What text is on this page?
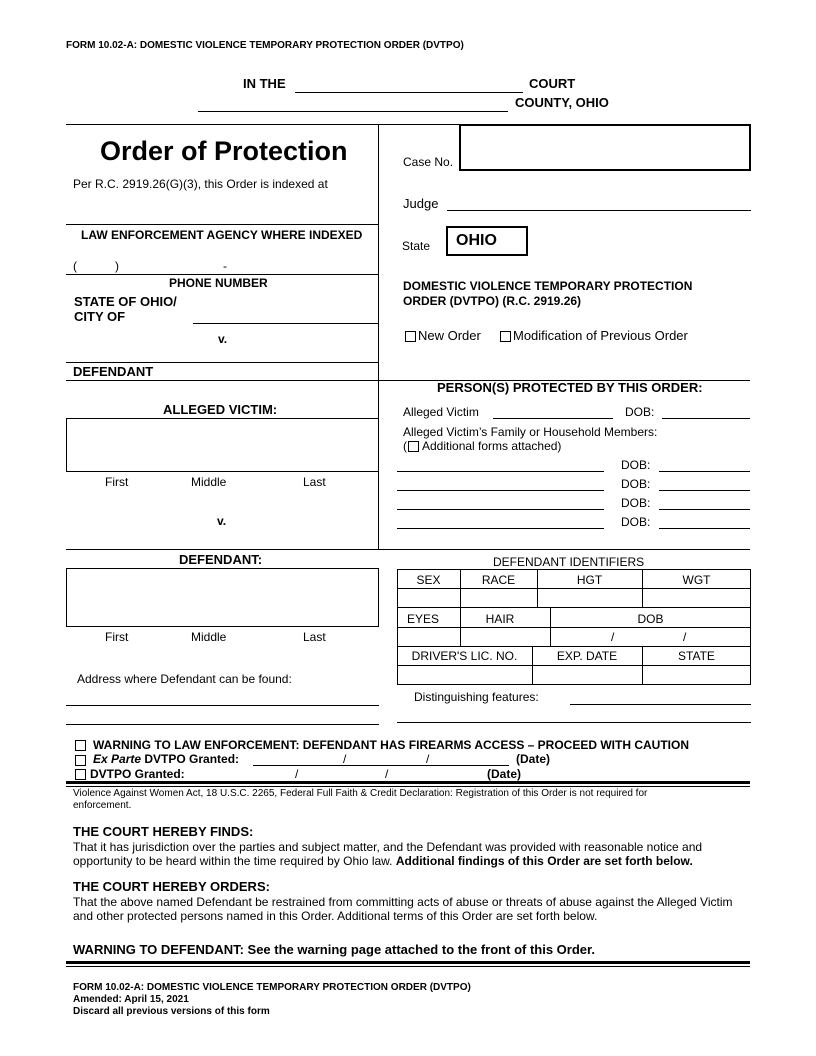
FORM 10.02-A: DOMESTIC VIOLENCE TEMPORARY PROTECTION ORDER (DVTPO)
IN THE	COURT
COUNTY, OHIO
Order of Protection
Per R.C. 2919.26(G)(3), this Order is indexed at
LAW ENFORCEMENT AGENCY WHERE INDEXED
(	)	-
PHONE NUMBER
STATE OF OHIO/
CITY OF
v.
DEFENDANT
ALLEGED VICTIM:
First	Middle	Last
v.
DEFENDANT:
First	Middle	Last
Address where Defendant can be found:
Case No.
Judge
State OHIO
DOMESTIC VIOLENCE TEMPORARY PROTECTION
ORDER (DVTPO) (R.C. 2919.26)
New Order Modification of Previous Order
PERSON(S) PROTECTED BY THIS ORDER:
Alleged Victim	DOB:
Alleged Victim’s Family or Household Members:
( Additional forms attached)
DOB:
DOB:
DOB:
DOB:
DEFENDANT IDENTIFIERS
SEX	RACE	HGT	WGT
EYES	HAIR	DOB
/	/
DRIVER'S LIC. NO.	EXP. DATE	STATE
Distinguishing features:
WARNING TO LAW ENFORCEMENT: DEFENDANT HAS FIREARMS ACCESS – PROCEED WITH CAUTION
Ex Parte DVTPO Granted:	/	/	(Date)
DVTPO Granted:	/	/	(Date)
Violence Against Women Act, 18 U.S.C. 2265, Federal Full Faith & Credit Declaration: Registration of this Order is not required for
enforcement.
THE COURT HEREBY FINDS:
That it has jurisdiction over the parties and subject matter, and the Defendant was provided with reasonable notice and
opportunity to be heard within the time required by Ohio law. Additional findings of this Order are set forth below.
THE COURT HEREBY ORDERS:
That the above named Defendant be restrained from committing acts of abuse or threats of abuse against the Alleged Victim
and other protected persons named in this Order. Additional terms of this Order are set forth below.
WARNING TO DEFENDANT: See the warning page attached to the front of this Order.
FORM 10.02-A: DOMESTIC VIOLENCE TEMPORARY PROTECTION ORDER (DVTPO)
Amended: April 15, 2021
Discard all previous versions of this form
